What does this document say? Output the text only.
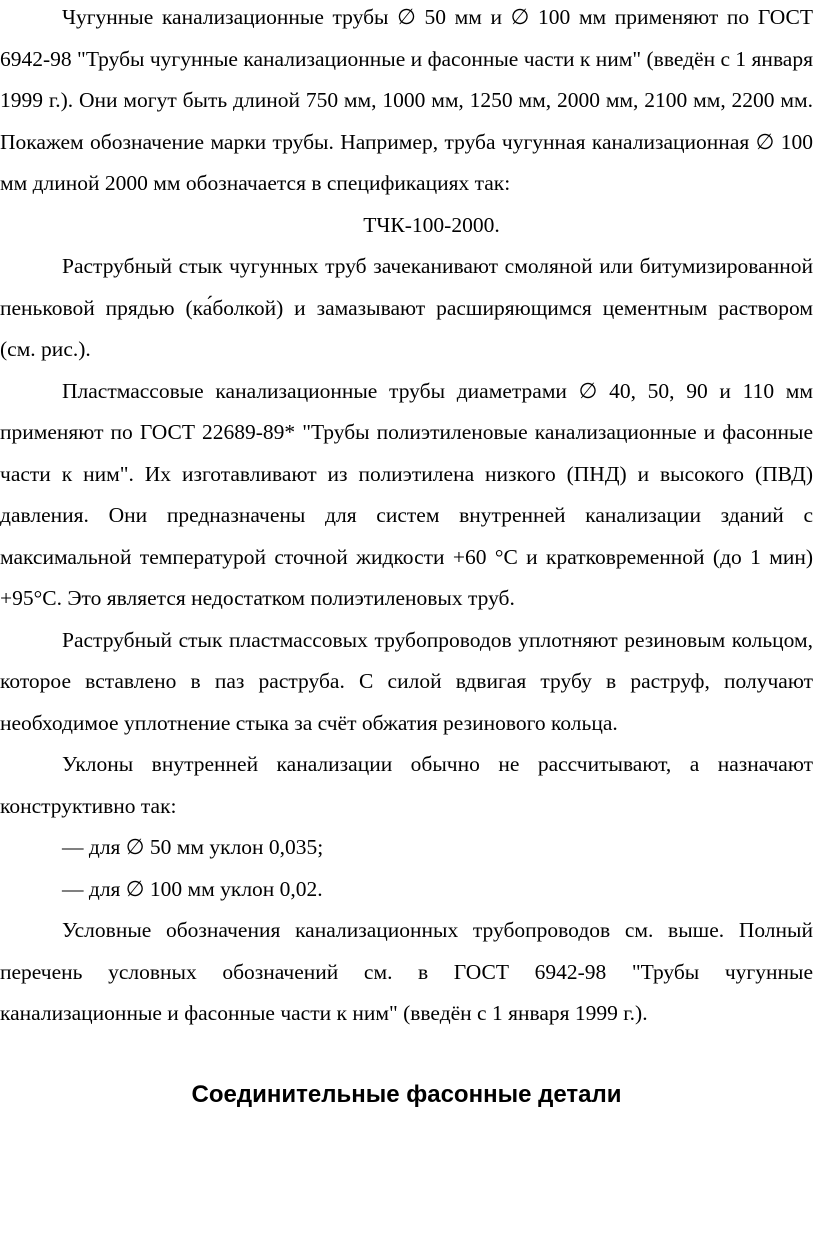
Чугунные канализационные трубы ∅ 50 мм и ∅ 100 мм применяют по ГОСТ 6942-98 "Трубы чугунные канализационные и фасонные части к ним" (введён с 1 января 1999 г.). Они могут быть длиной 750 мм, 1000 мм, 1250 мм, 2000 мм, 2100 мм, 2200 мм. Покажем обозначение марки трубы. Например, труба чугунная канализационная ∅ 100 мм длиной 2000 мм обозначается в спецификациях так:

ТЧК-100-2000.

Раструбный стык чугунных труб зачеканивают смоляной или битумизированной пеньковой прядью (ка́болкой) и замазывают расширяющимся цементным раствором (см. рис.).

Пластмассовые канализационные трубы диаметрами ∅ 40, 50, 90 и 110 мм применяют по ГОСТ 22689-89* "Трубы полиэтиленовые канализационные и фасонные части к ним". Их изготавливают из полиэтилена низкого (ПНД) и высокого (ПВД) давления. Они предназначены для систем внутренней канализации зданий с максимальной температурой сточной жидкости +60 °С и кратковременной (до 1 мин) +95°С. Это является недостатком полиэтиленовых труб.

Раструбный стык пластмассовых трубопроводов уплотняют резиновым кольцом, которое вставлено в паз раструба. С силой вдвигая трубу в раструф, получают необходимое уплотнение стыка за счёт обжатия резинового кольца.

Уклоны внутренней канализации обычно не рассчитывают, а назначают конструктивно так:

— для ∅ 50 мм уклон 0,035;

— для ∅ 100 мм уклон 0,02.

Условные обозначения канализационных трубопроводов см. выше. Полный перечень условных обозначений см. в ГОСТ 6942-98 "Трубы чугунные канализационные и фасонные части к ним" (введён с 1 января 1999 г.).

Соединительные фасонные детали
